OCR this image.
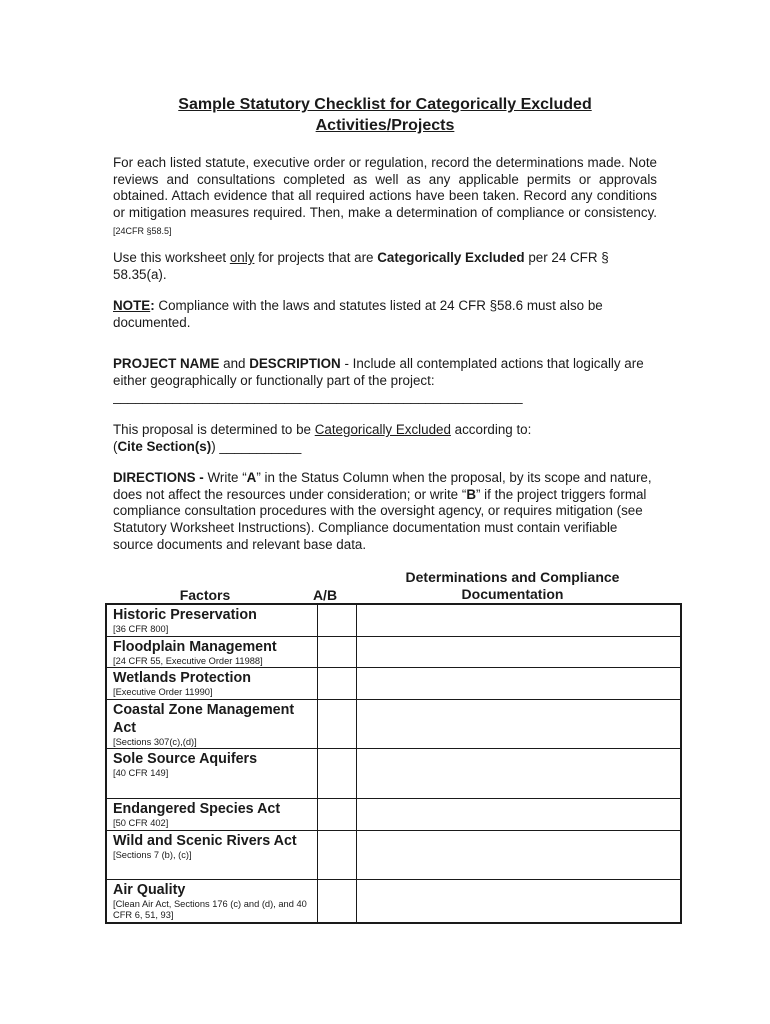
Sample Statutory Checklist for Categorically Excluded
Activities/Projects
For each listed statute, executive order or regulation, record the determinations made. Note reviews and consultations completed as well as any applicable permits or approvals obtained. Attach evidence that all required actions have been taken. Record any conditions or mitigation measures required. Then, make a determination of compliance or consistency. [24CFR §58.5]
Use this worksheet only for projects that are Categorically Excluded per 24 CFR § 58.35(a).
NOTE: Compliance with the laws and statutes listed at 24 CFR §58.6 must also be documented.
PROJECT NAME and DESCRIPTION - Include all contemplated actions that logically are either geographically or functionally part of the project:
_______________________________________________________
This proposal is determined to be Categorically Excluded according to:
(Cite Section(s)) ___________
DIRECTIONS - Write “A” in the Status Column when the proposal, by its scope and nature, does not affect the resources under consideration; or write “B” if the project triggers formal compliance consultation procedures with the oversight agency, or requires mitigation (see Statutory Worksheet Instructions). Compliance documentation must contain verifiable source documents and relevant base data.
Factors	A/B
Determinations and Compliance
Documentation
Historic Preservation
[36 CFR 800]		

Floodplain Management
[24 CFR 55, Executive Order 11988]		

Wetlands Protection
[Executive Order 11990]		

Coastal Zone Management Act
[Sections 307(c),(d)]		

Sole Source Aquifers
[40 CFR 149]		

Endangered Species Act
[50 CFR 402]		

Wild and Scenic Rivers Act
[Sections 7 (b), (c)]		

Air Quality
[Clean Air Act, Sections 176 (c) and (d), and 40 CFR 6, 51, 93]		
